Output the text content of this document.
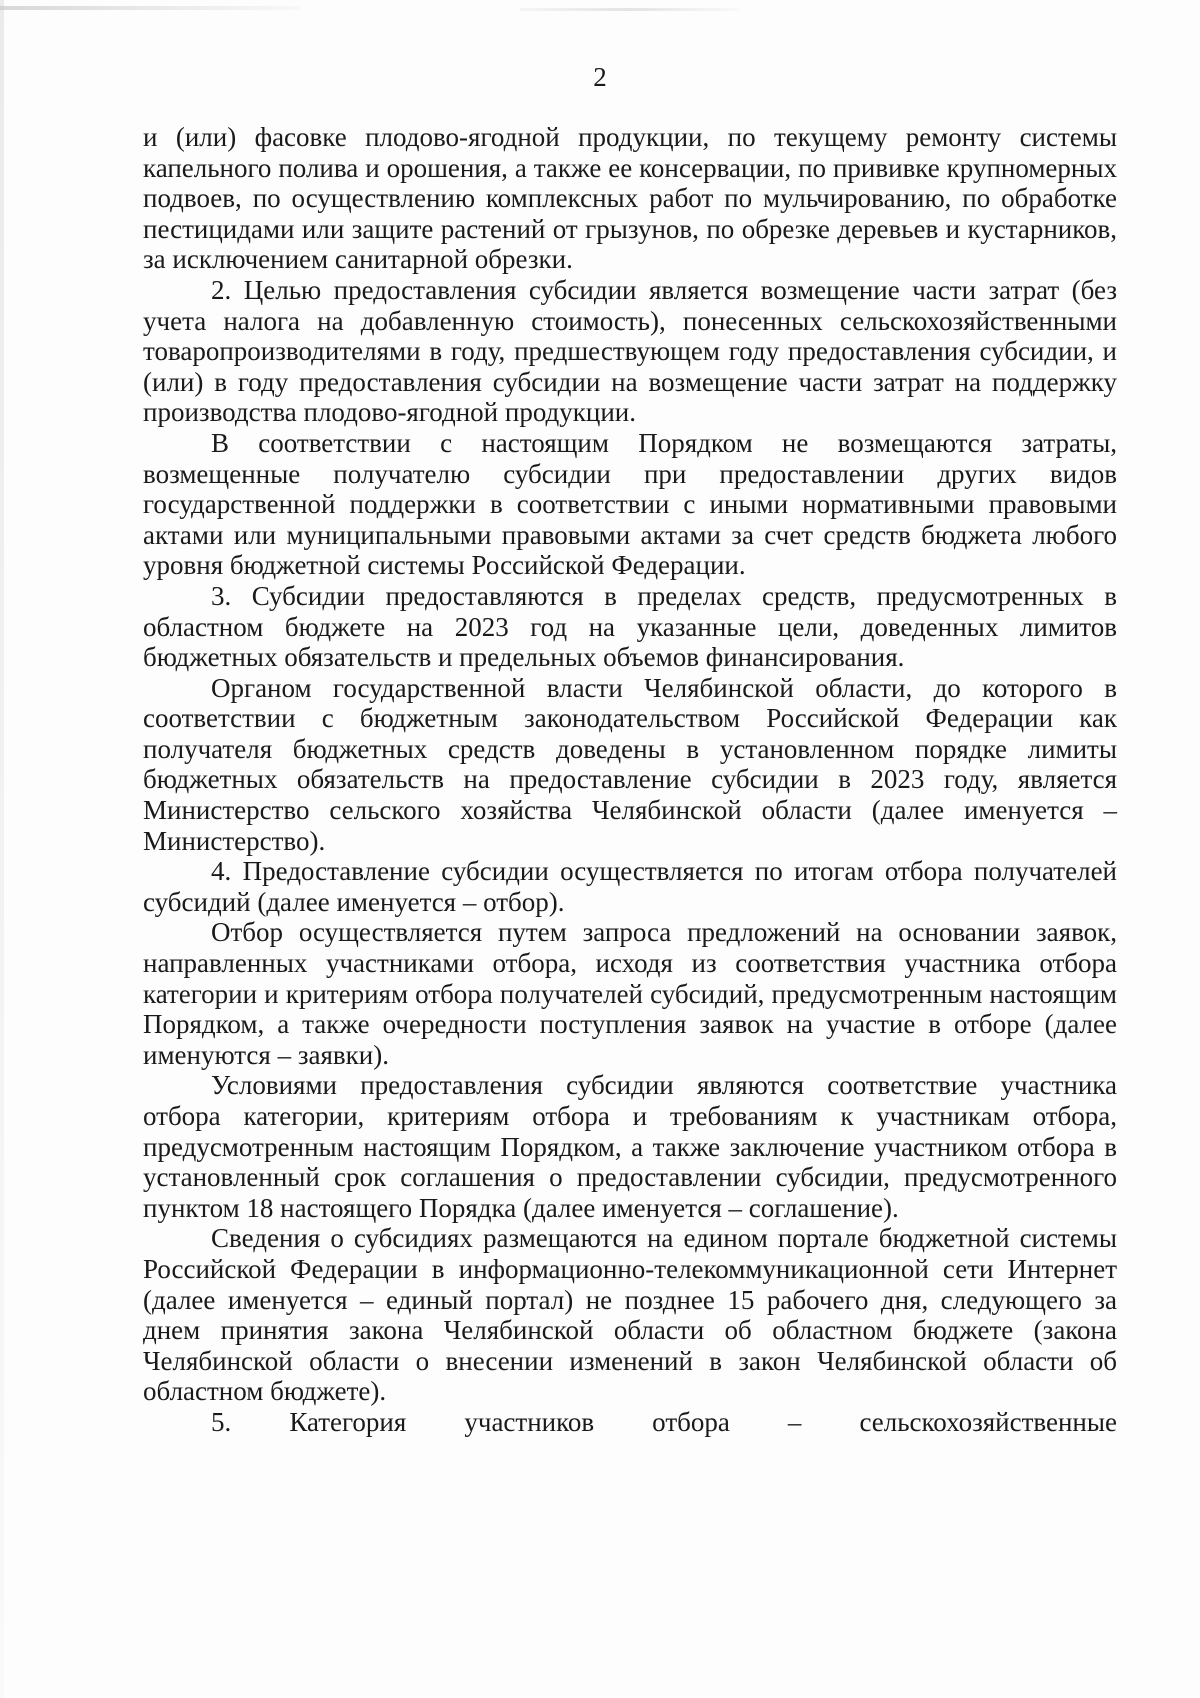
2

и (или) фасовке плодово-ягодной продукции, по текущему ремонту системы капельного полива и орошения, а также ее консервации, по прививке крупномерных подвоев, по осуществлению комплексных работ по мульчированию, по обработке пестицидами или защите растений от грызунов, по обрезке деревьев и кустарников, за исключением санитарной обрезки.

2. Целью предоставления субсидии является возмещение части затрат (без учета налога на добавленную стоимость), понесенных сельскохозяйственными товаропроизводителями в году, предшествующем году предоставления субсидии, и (или) в году предоставления субсидии на возмещение части затрат на поддержку производства плодово-ягодной продукции.

В соответствии с настоящим Порядком не возмещаются затраты, возмещенные получателю субсидии при предоставлении других видов государственной поддержки в соответствии с иными нормативными правовыми актами или муниципальными правовыми актами за счет средств бюджета любого уровня бюджетной системы Российской Федерации.

3. Субсидии предоставляются в пределах средств, предусмотренных в областном бюджете на 2023 год на указанные цели, доведенных лимитов бюджетных обязательств и предельных объемов финансирования.

Органом государственной власти Челябинской области, до которого в соответствии с бюджетным законодательством Российской Федерации как получателя бюджетных средств доведены в установленном порядке лимиты бюджетных обязательств на предоставление субсидии в 2023 году, является Министерство сельского хозяйства Челябинской области (далее именуется – Министерство).

4. Предоставление субсидии осуществляется по итогам отбора получателей субсидий (далее именуется – отбор).

Отбор осуществляется путем запроса предложений на основании заявок, направленных участниками отбора, исходя из соответствия участника отбора категории и критериям отбора получателей субсидий, предусмотренным настоящим Порядком, а также очередности поступления заявок на участие в отборе (далее именуются – заявки).

Условиями предоставления субсидии являются соответствие участника отбора категории, критериям отбора и требованиям к участникам отбора, предусмотренным настоящим Порядком, а также заключение участником отбора в установленный срок соглашения о предоставлении субсидии, предусмотренного пунктом 18 настоящего Порядка (далее именуется – соглашение).

Сведения о субсидиях размещаются на едином портале бюджетной системы Российской Федерации в информационно-телекоммуникационной сети Интернет (далее именуется – единый портал) не позднее 15 рабочего дня, следующего за днем принятия закона Челябинской области об областном бюджете (закона Челябинской области о внесении изменений в закон Челябинской области об областном бюджете).

5. Категория участников отбора – сельскохозяйственные
